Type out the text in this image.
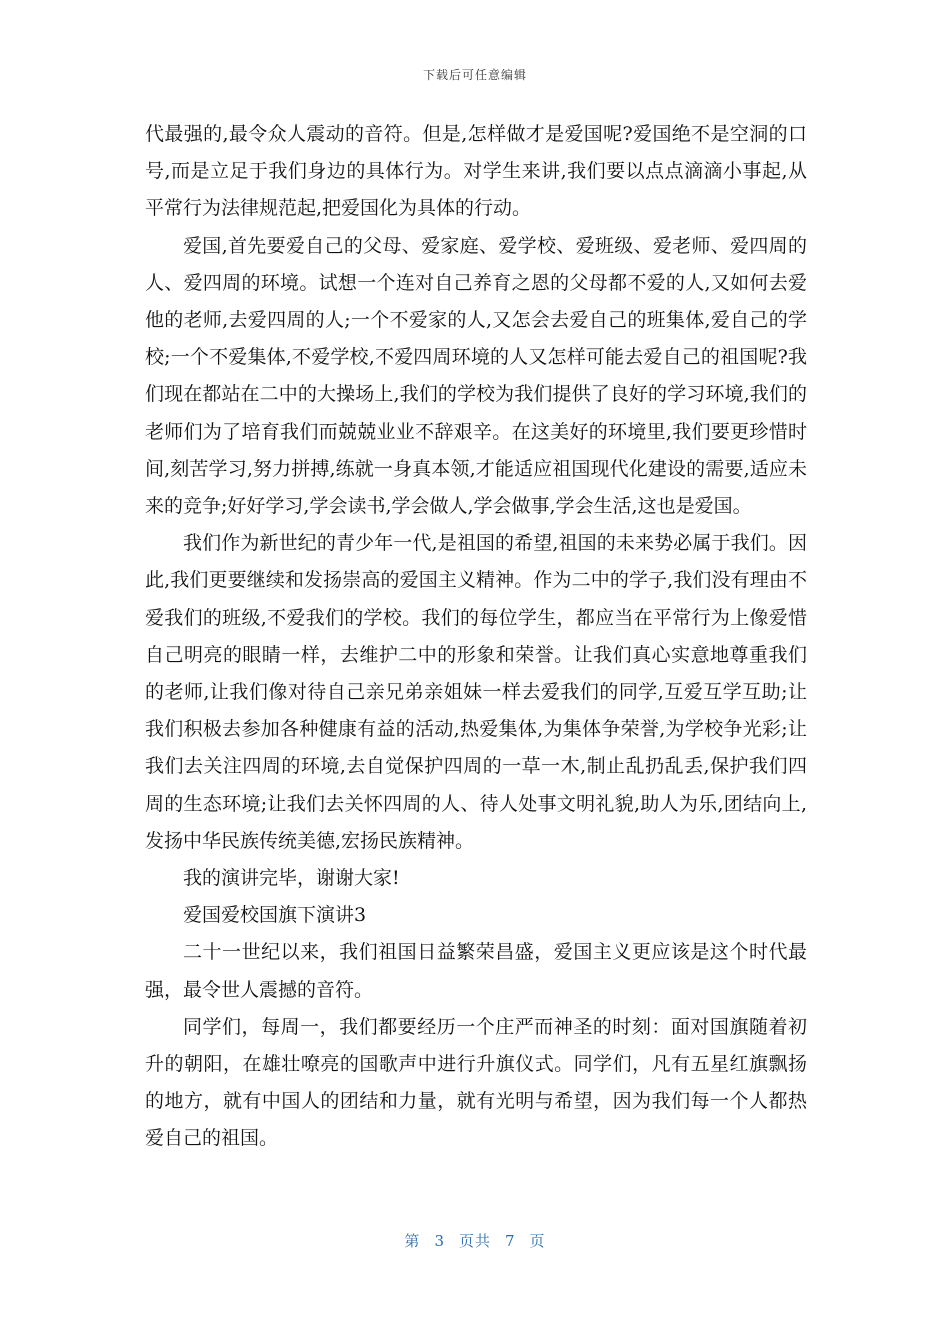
下载后可任意编辑

代最强的,最令众人震动的音符。但是,怎样做才是爱国呢?爱国绝不是空洞的口号,而是立足于我们身边的具体行为。对学生来讲,我们要以点点滴滴小事起,从平常行为法律规范起,把爱国化为具体的行动。

爱国,首先要爱自己的父母、爱家庭、爱学校、爱班级、爱老师、爱四周的人、爱四周的环境。试想一个连对自己养育之恩的父母都不爱的人,又如何去爱他的老师,去爱四周的人;一个不爱家的人,又怎会去爱自己的班集体,爱自己的学校;一个不爱集体,不爱学校,不爱四周环境的人又怎样可能去爱自己的祖国呢?我们现在都站在二中的大操场上,我们的学校为我们提供了良好的学习环境,我们的老师们为了培育我们而兢兢业业不辞艰辛。在这美好的环境里,我们要更珍惜时间,刻苦学习,努力拼搏,练就一身真本领,才能适应祖国现代化建设的需要,适应未来的竞争;好好学习,学会读书,学会做人,学会做事,学会生活,这也是爱国。

我们作为新世纪的青少年一代,是祖国的希望,祖国的未来势必属于我们。因此,我们更要继续和发扬崇高的爱国主义精神。作为二中的学子,我们没有理由不爱我们的班级,不爱我们的学校。我们的每位学生，都应当在平常行为上像爱惜自己明亮的眼睛一样，去维护二中的形象和荣誉。让我们真心实意地尊重我们的老师,让我们像对待自己亲兄弟亲姐妹一样去爱我们的同学,互爱互学互助;让我们积极去参加各种健康有益的活动,热爱集体,为集体争荣誉,为学校争光彩;让我们去关注四周的环境,去自觉保护四周的一草一木,制止乱扔乱丢,保护我们四周的生态环境;让我们去关怀四周的人、待人处事文明礼貌,助人为乐,团结向上,发扬中华民族传统美德,宏扬民族精神。

我的演讲完毕，谢谢大家!

爱国爱校国旗下演讲3

二十一世纪以来，我们祖国日益繁荣昌盛，爱国主义更应该是这个时代最强，最令世人震撼的音符。

同学们，每周一，我们都要经历一个庄严而神圣的时刻：面对国旗随着初升的朝阳，在雄壮嘹亮的国歌声中进行升旗仪式。同学们，凡有五星红旗飘扬的地方，就有中国人的团结和力量，就有光明与希望，因为我们每一个人都热爱自己的祖国。

第 3 页共 7 页
